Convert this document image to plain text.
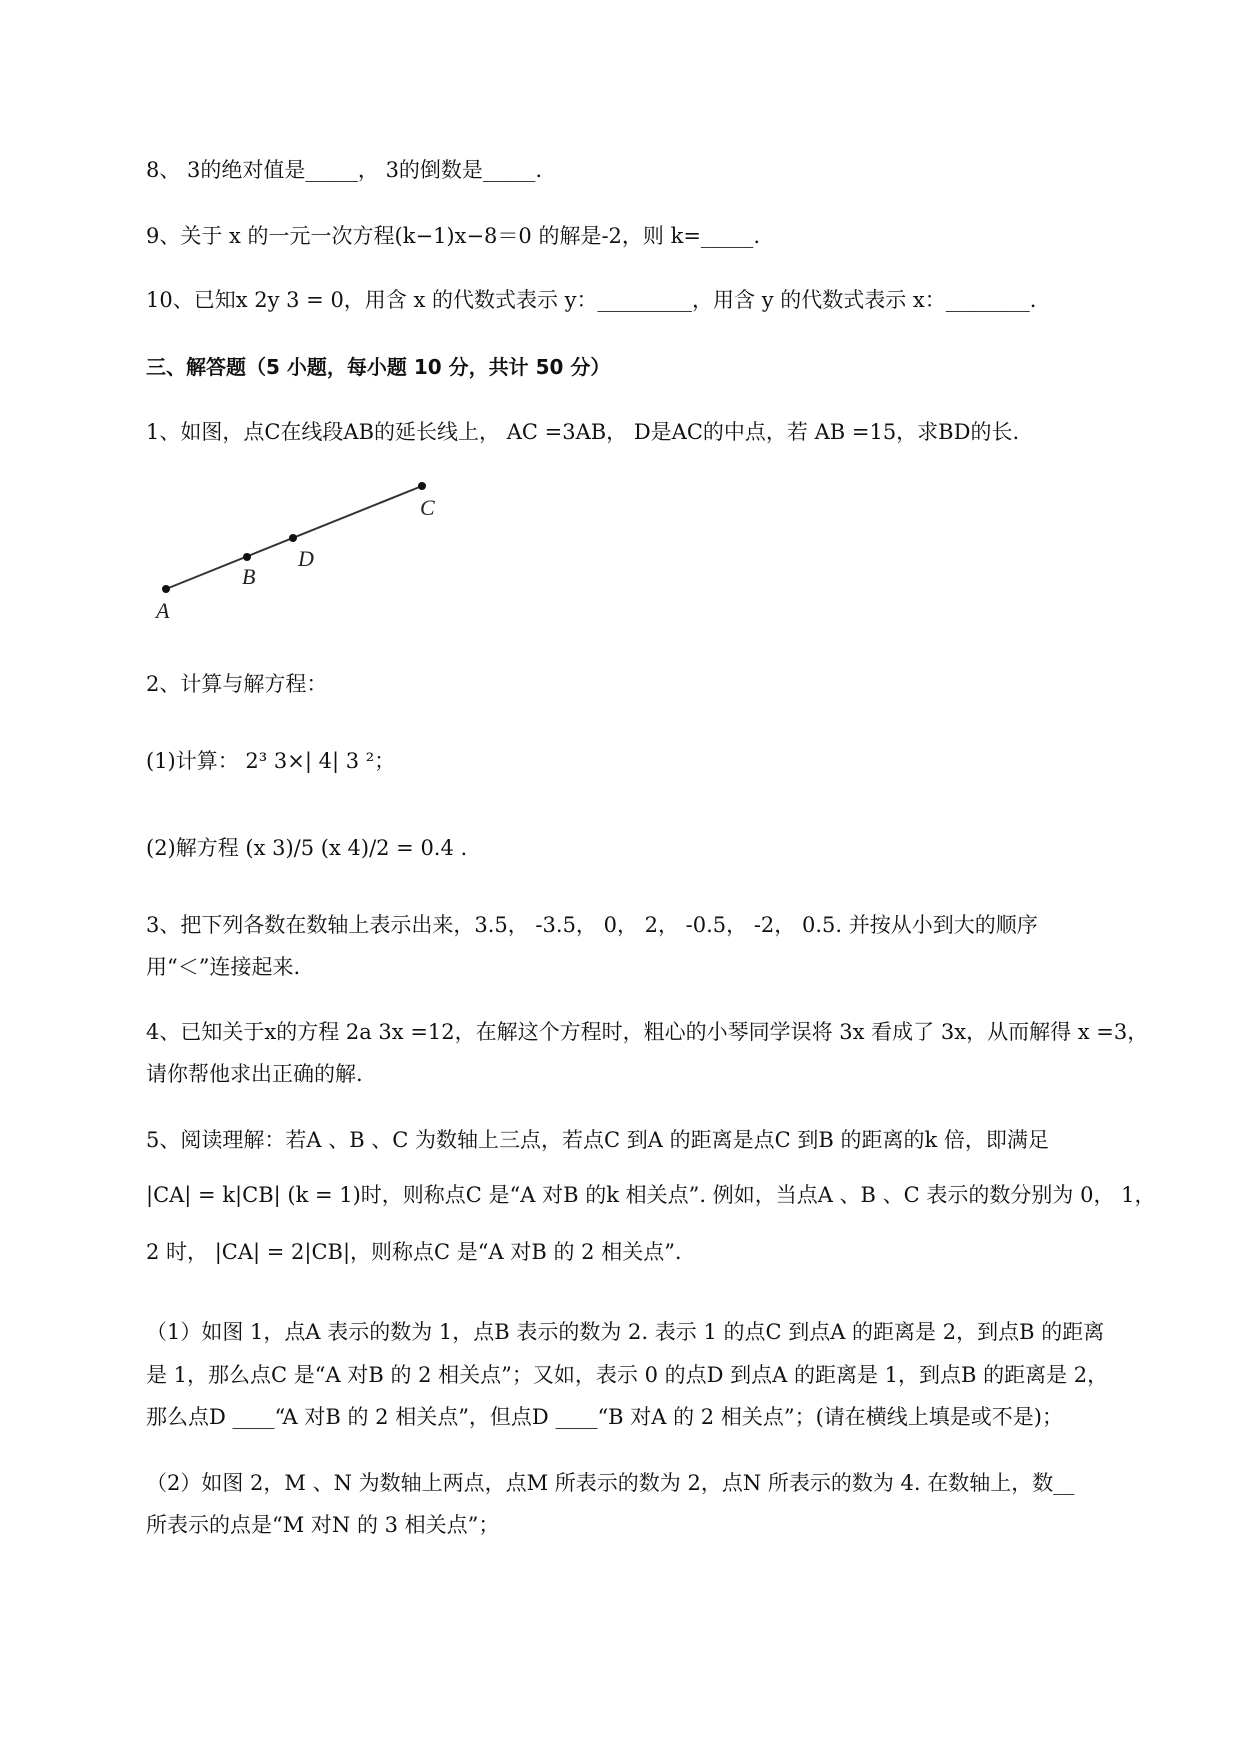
8、 3的绝对值是_____， 3的倒数是_____.
9、关于 x 的一元一次方程(k−1)x−8＝0 的解是-2，则 k=_____.
10、已知x 2y 3 = 0，用含 x 的代数式表示 y：_________，用含 y 的代数式表示 x：________.
三、解答题（5 小题，每小题 10 分，共计 50 分）
1、如图，点C在线段AB的延长线上， AC =3AB， D是AC的中点，若 AB =15，求BD的长.
A
B
D
C
2、计算与解方程：
(1)计算： 2³ 3×| 4| 3 ²；
(2)解方程 (x 3)/5 (x 4)/2 = 0.4 .
3、把下列各数在数轴上表示出来，3.5， -3.5， 0， 2， -0.5， -2， 0.5. 并按从小到大的顺序
用“＜”连接起来.
4、已知关于x的方程 2a 3x =12，在解这个方程时，粗心的小琴同学误将 3x 看成了 3x，从而解得 x =3，
请你帮他求出正确的解.
5、阅读理解：若A 、B 、C 为数轴上三点，若点C 到A 的距离是点C 到B 的距离的k 倍，即满足
|CA| = k|CB| (k = 1)时，则称点C 是“A 对B 的k 相关点”. 例如，当点A 、B 、C 表示的数分别为 0， 1，
2 时， |CA| = 2|CB|，则称点C 是“A 对B 的 2 相关点”.
（1）如图 1，点A 表示的数为 1，点B 表示的数为 2. 表示 1 的点C 到点A 的距离是 2，到点B 的距离
是 1，那么点C 是“A 对B 的 2 相关点”；又如，表示 0 的点D 到点A 的距离是 1，到点B 的距离是 2，
那么点D ____“A 对B 的 2 相关点”，但点D ____“B 对A 的 2 相关点”；(请在横线上填是或不是)；
（2）如图 2，M 、N 为数轴上两点，点M 所表示的数为 2，点N 所表示的数为 4. 在数轴上，数__
所表示的点是“M 对N 的 3 相关点”；
